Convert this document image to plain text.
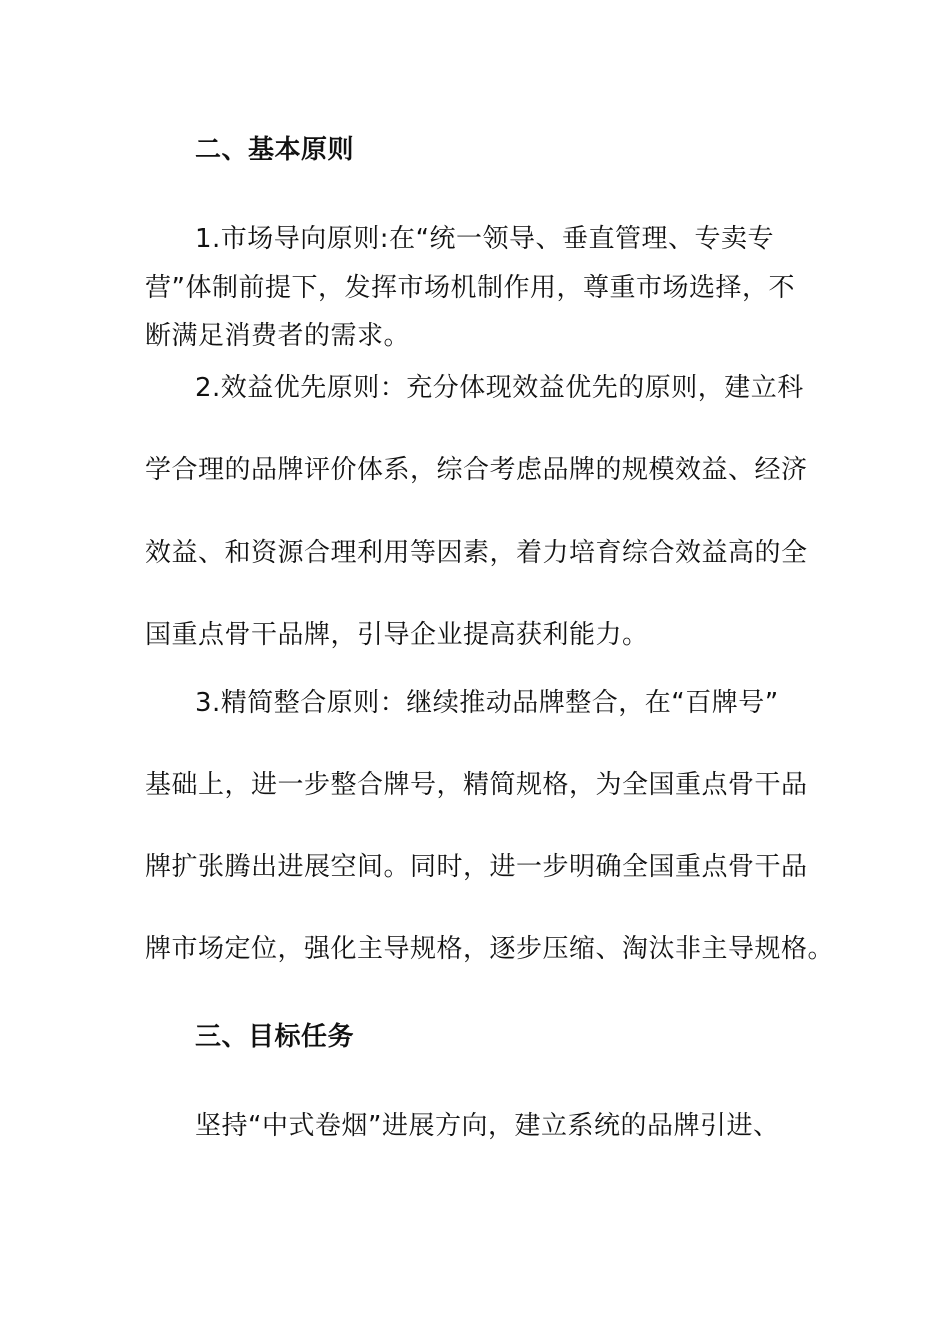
二、基本原则
1.市场导向原则:在“统一领导、垂直管理、专卖专
营”体制前提下，发挥市场机制作用，尊重市场选择，不
断满足消费者的需求。
2.效益优先原则：充分体现效益优先的原则，建立科
学合理的品牌评价体系，综合考虑品牌的规模效益、经济
效益、和资源合理利用等因素，着力培育综合效益高的全
国重点骨干品牌，引导企业提高获利能力。
3.精简整合原则：继续推动品牌整合，在“百牌号”
基础上，进一步整合牌号，精简规格，为全国重点骨干品
牌扩张腾出进展空间。同时，进一步明确全国重点骨干品
牌市场定位，强化主导规格，逐步压缩、淘汰非主导规格。
三、目标任务
坚持“中式卷烟”进展方向，建立系统的品牌引进、
